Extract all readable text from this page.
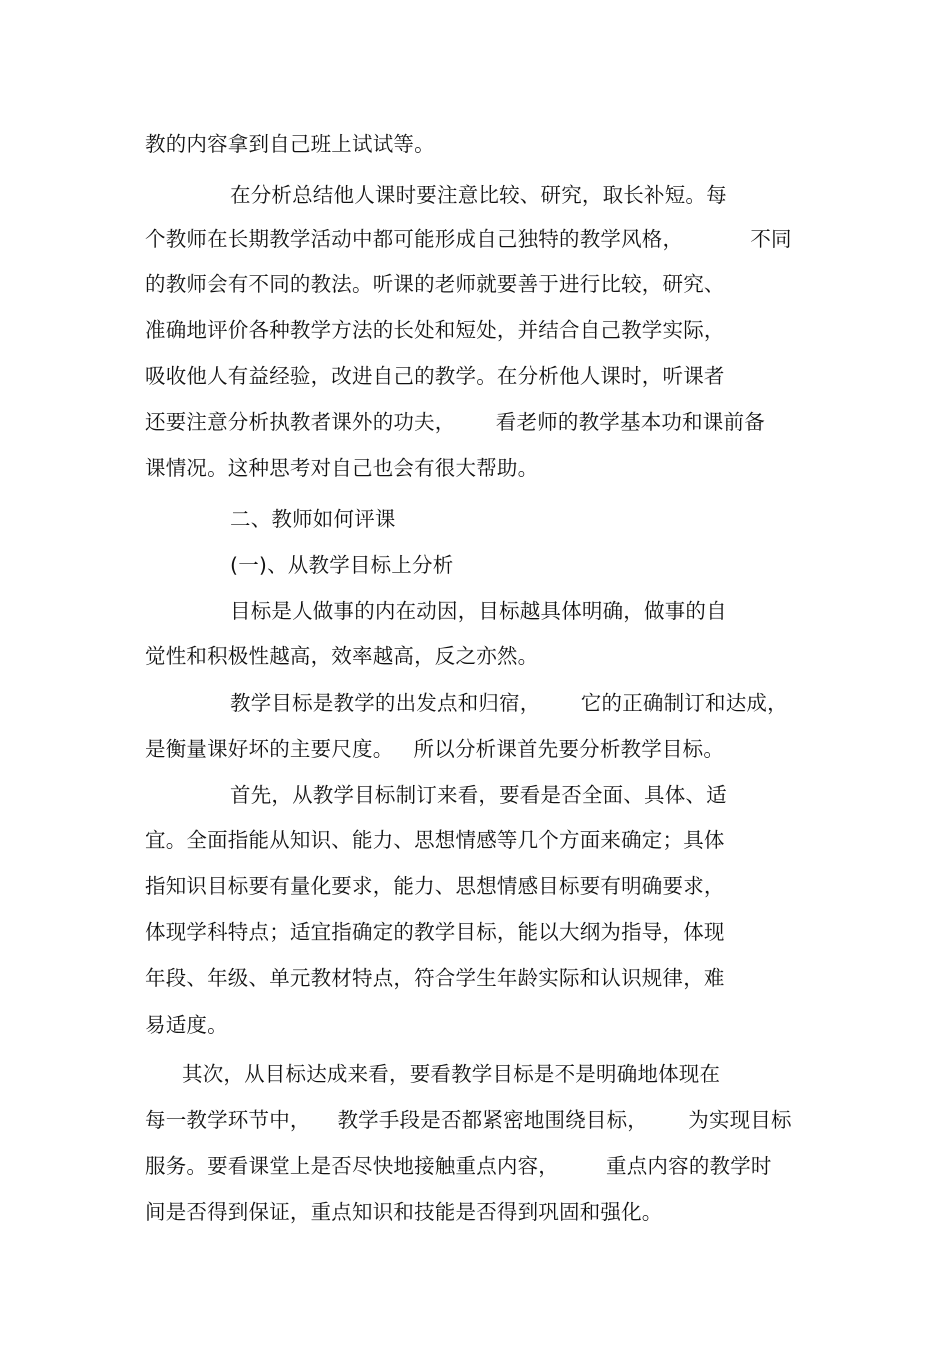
教的内容拿到自己班上试试等。
在分析总结他人课时要注意比较、研究，取长补短。每
个教师在长期教学活动中都可能形成自己独特的教学风格，          不同
的教师会有不同的教法。听课的老师就要善于进行比较，研究、
准确地评价各种教学方法的长处和短处，并结合自己教学实际，
吸收他人有益经验，改进自己的教学。在分析他人课时，听课者
还要注意分析执教者课外的功夫，      看老师的教学基本功和课前备
课情况。这种思考对自己也会有很大帮助。
二、教师如何评课
(一)、从教学目标上分析
目标是人做事的内在动因，目标越具体明确，做事的自
觉性和积极性越高，效率越高，反之亦然。
教学目标是教学的出发点和归宿，      它的正确制订和达成，
是衡量课好坏的主要尺度。   所以分析课首先要分析教学目标。
首先，从教学目标制订来看，要看是否全面、具体、适
宜。全面指能从知识、能力、思想情感等几个方面来确定；具体
指知识目标要有量化要求，能力、思想情感目标要有明确要求，
体现学科特点；适宜指确定的教学目标，能以大纲为指导，体现
年段、年级、单元教材特点，符合学生年龄实际和认识规律，难
易适度。
其次，从目标达成来看，要看教学目标是不是明确地体现在
每一教学环节中，    教学手段是否都紧密地围绕目标，      为实现目标
服务。要看课堂上是否尽快地接触重点内容，       重点内容的教学时
间是否得到保证，重点知识和技能是否得到巩固和强化。
